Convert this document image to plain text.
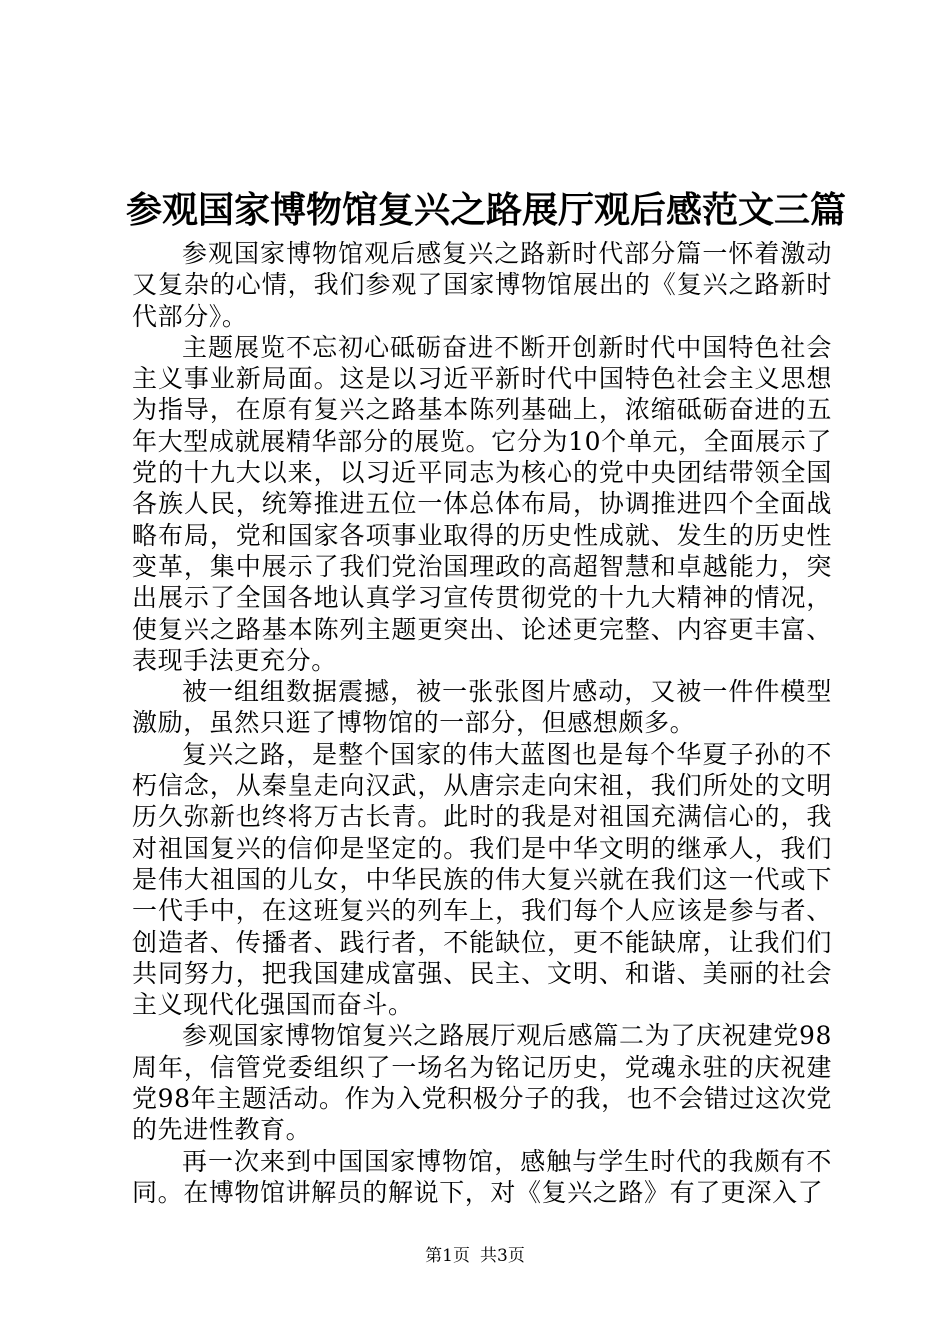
参观国家博物馆复兴之路展厅观后感范文三篇

参观国家博物馆观后感复兴之路新时代部分篇一怀着激动又复杂的心情，我们参观了国家博物馆展出的《复兴之路新时代部分》。

主题展览不忘初心砥砺奋进不断开创新时代中国特色社会主义事业新局面。这是以习近平新时代中国特色社会主义思想为指导，在原有复兴之路基本陈列基础上，浓缩砥砺奋进的五年大型成就展精华部分的展览。它分为10个单元，全面展示了党的十九大以来，以习近平同志为核心的党中央团结带领全国各族人民，统筹推进五位一体总体布局，协调推进四个全面战略布局，党和国家各项事业取得的历史性成就、发生的历史性变革，集中展示了我们党治国理政的高超智慧和卓越能力，突出展示了全国各地认真学习宣传贯彻党的十九大精神的情况，使复兴之路基本陈列主题更突出、论述更完整、内容更丰富、表现手法更充分。

被一组组数据震撼，被一张张图片感动，又被一件件模型激励，虽然只逛了博物馆的一部分，但感想颇多。

复兴之路，是整个国家的伟大蓝图也是每个华夏子孙的不朽信念，从秦皇走向汉武，从唐宗走向宋祖，我们所处的文明历久弥新也终将万古长青。此时的我是对祖国充满信心的，我对祖国复兴的信仰是坚定的。我们是中华文明的继承人，我们是伟大祖国的儿女，中华民族的伟大复兴就在我们这一代或下一代手中，在这班复兴的列车上，我们每个人应该是参与者、创造者、传播者、践行者，不能缺位，更不能缺席，让我们们共同努力，把我国建成富强、民主、文明、和谐、美丽的社会主义现代化强国而奋斗。

参观国家博物馆复兴之路展厅观后感篇二为了庆祝建党98周年，信管党委组织了一场名为铭记历史，党魂永驻的庆祝建党98年主题活动。作为入党积极分子的我，也不会错过这次党的先进性教育。

再一次来到中国国家博物馆，感触与学生时代的我颇有不同。在博物馆讲解员的解说下，对《复兴之路》有了更深入了

第1页 共3页
